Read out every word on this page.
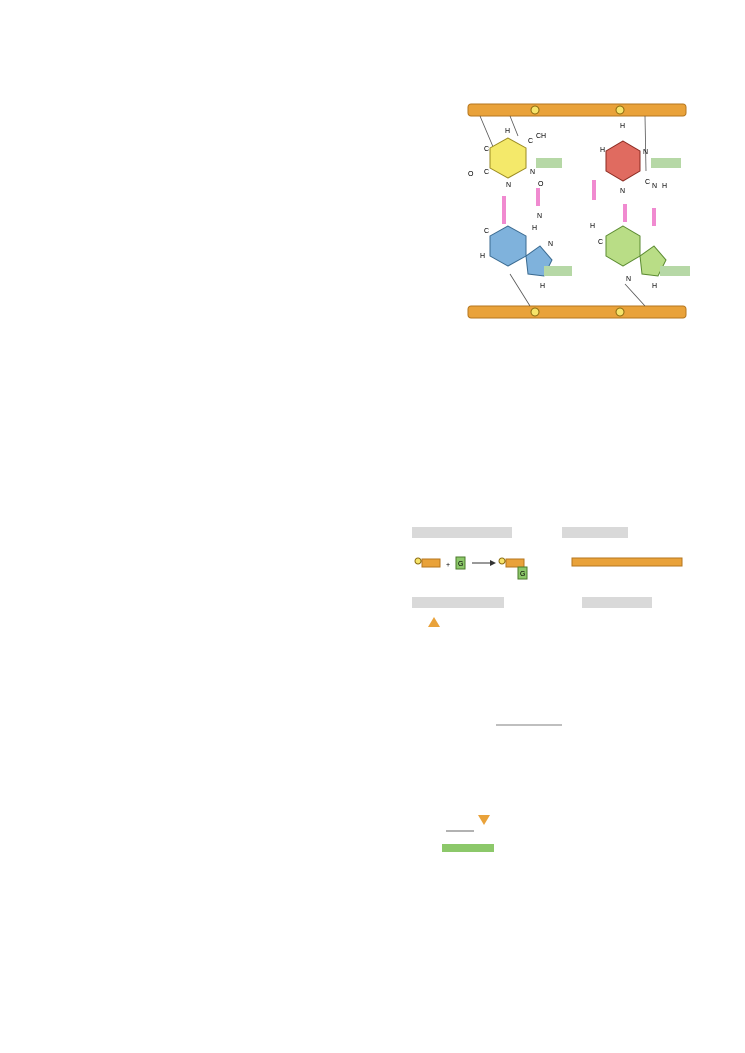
H
C
CH
C
C	N
N
O
O
N
H
C
H
N
H
H
H	N
C
N H
N
H
C
N
H
+ G
G
